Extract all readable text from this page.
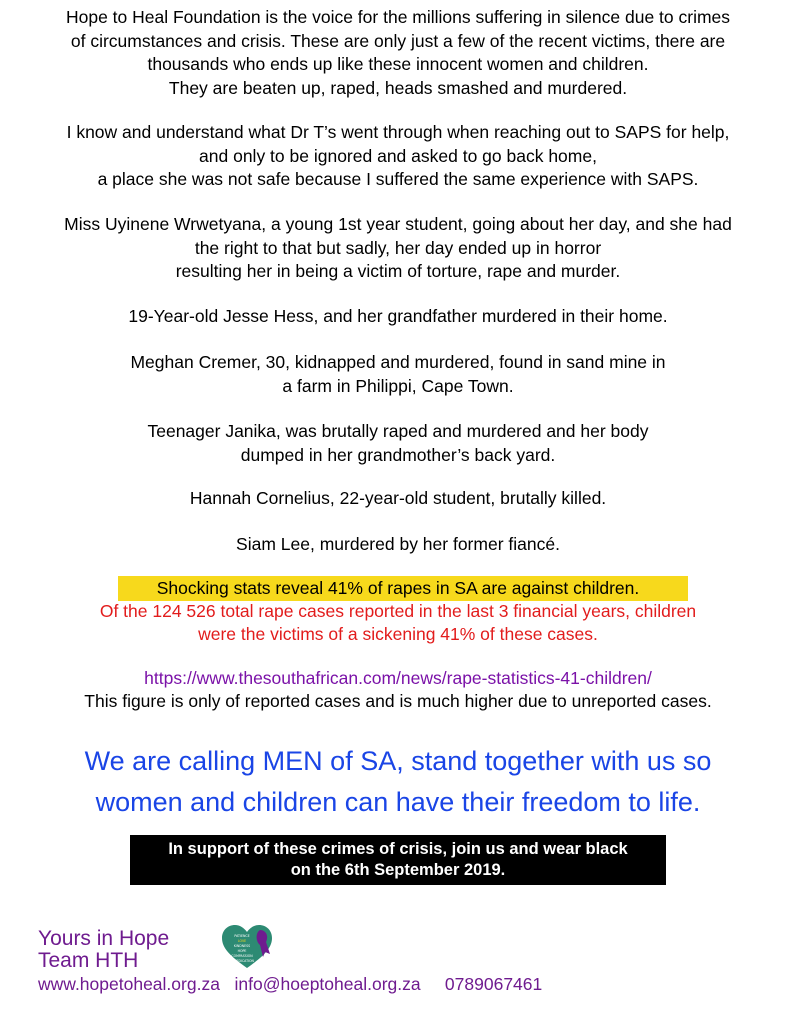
Hope to Heal Foundation is the voice for the millions suffering in silence due to crimes
of circumstances and crisis. These are only just a few of the recent victims, there are
thousands who ends up like these innocent women and children.
They are beaten up, raped, heads smashed and murdered.
I know and understand what Dr T’s went through when reaching out to SAPS for help,
and only to be ignored and asked to go back home,
a place she was not safe because I suffered the same experience with SAPS.
Miss Uyinene Wrwetyana, a young 1st year student, going about her day, and she had
the right to that but sadly, her day ended up in horror
resulting her in being a victim of torture, rape and murder.
19-Year-old Jesse Hess, and her grandfather murdered in their home.
Meghan Cremer, 30, kidnapped and murdered, found in sand mine in
a farm in Philippi, Cape Town.
Teenager Janika, was brutally raped and murdered and her body
dumped in her grandmother’s back yard.
Hannah Cornelius, 22-year-old student, brutally killed.
Siam Lee, murdered by her former fiancé.
Shocking stats reveal 41% of rapes in SA are against children.
Of the 124 526 total rape cases reported in the last 3 financial years, children
were the victims of a sickening 41% of these cases.
https://www.thesouthafrican.com/news/rape-statistics-41-children/
This figure is only of reported cases and is much higher due to unreported cases.
We are calling MEN of SA, stand together with us so
women and children can have their freedom to life.
In support of these crimes of crisis, join us and wear black
on the 6th September 2019.
Yours in Hope
Team HTH
PATIENCE
LOVE
KINDNESS
HOPE
COMPASSION
DEDICATION
www.hopetoheal.org.za info@hoeptoheal.org.za 0789067461
